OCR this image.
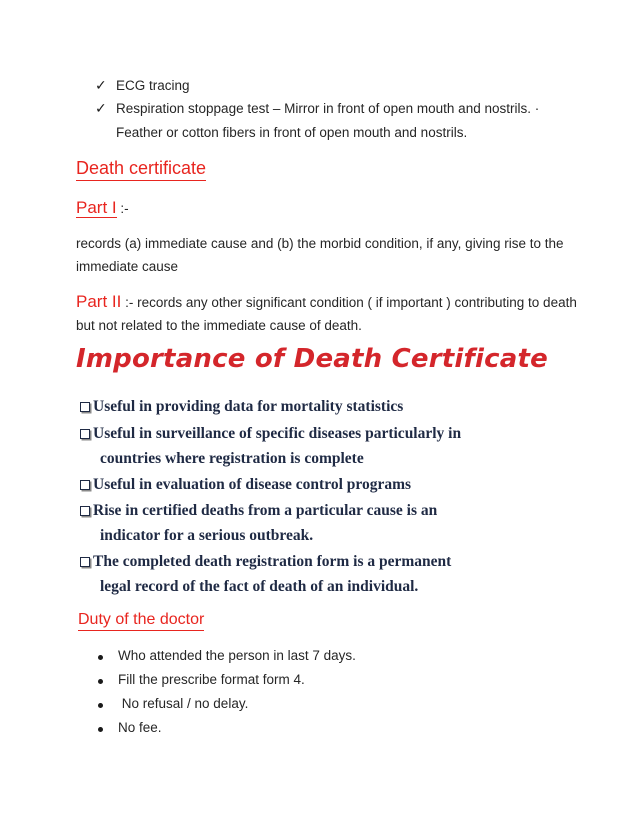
✓ ECG tracing
✓ Respiration stoppage test – Mirror in front of open mouth and nostrils. ·
Feather or cotton fibers in front of open mouth and nostrils.
Death certificate
Part I :-
records (a) immediate cause and (b) the morbid condition, if any, giving rise to the
immediate cause
Part II :- records any other significant condition ( if important ) contributing to death
but not related to the immediate cause of death.
Importance of Death Certificate
Useful in providing data for mortality statistics
Useful in surveillance of specific diseases particularly in
countries where registration is complete
Useful in evaluation of disease control programs
Rise in certified deaths from a particular cause is an
indicator for a serious outbreak.
The completed death registration form is a permanent
legal record of the fact of death of an individual.
Duty of the doctor
Who attended the person in last 7 days.
Fill the prescribe format form 4.
No refusal / no delay.
No fee.
